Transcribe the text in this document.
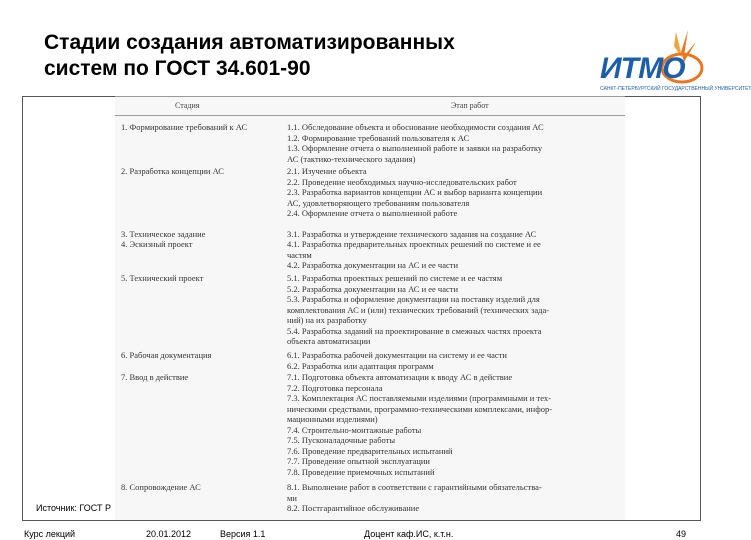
Стадии создания автоматизированных
систем по ГОСТ 34.601-90	ИТМО
САНКТ-ПЕТЕРБУРГСКИЙ ГОСУДАРСТВЕННЫЙ УНИВЕРСИТЕТ
Стадия	Этап работ
1. Формирование требований к АС	1.1. Обследование объекта и обоснование необходимости создания АС
1.2. Формирование требований пользователя к АС
1.3. Оформление отчета о выполненной работе и заявки на разработку
АС (тактико-технического задания)
2. Разработка концепции АС	2.1. Изучение объекта
2.2. Проведение необходимых научно-исследовательских работ
2.3. Разработка вариантов концепции АС и выбор варианта концепции
АС, удовлетворяющего требованиям пользователя
2.4. Оформление отчета о выполненной работе
3. Техническое задание	3.1. Разработка и утверждение технического задания на создание АС
4. Эскизный проект	4.1. Разработка предварительных проектных решений по системе и ее
частям
4.2. Разработка документации на АС и ее части
5. Технический проект	5.1. Разработка проектных решений по системе и ее частям
5.2. Разработка документации на АС и ее части
5.3. Разработка и оформление документации на поставку изделий для
комплектования АС и (или) технических требований (технических зада-
ний) на их разработку
5.4. Разработка заданий на проектирование в смежных частях проекта
объекта автоматизации
6. Рабочая документация	6.1. Разработка рабочей документации на систему и ее части
6.2. Разработка или адаптация программ
7. Ввод в действие	7.1. Подготовка объекта автоматизации к вводу АС в действие
7.2. Подготовка персонала
7.3. Комплектация АС поставляемыми изделиями (программными и тех-
ническими средствами, программно-техническими комплексами, инфор-
мационными изделиями)
7.4. Строительно-монтажные работы
7.5. Пусконаладочные работы
7.6. Проведение предварительных испытаний
7.7. Проведение опытной эксплуатации
7.8. Проведение приемочных испытаний
8. Сопровождение АС	8.1. Выполнение работ в соответствии с гарантийными обязательства-
ми
8.2. Постгарантийное обслуживание
Источник: ГОСТ Р
Курс лекций	20.01.2012	Версия 1.1	Доцент каф.ИС, к.т.н.	49
